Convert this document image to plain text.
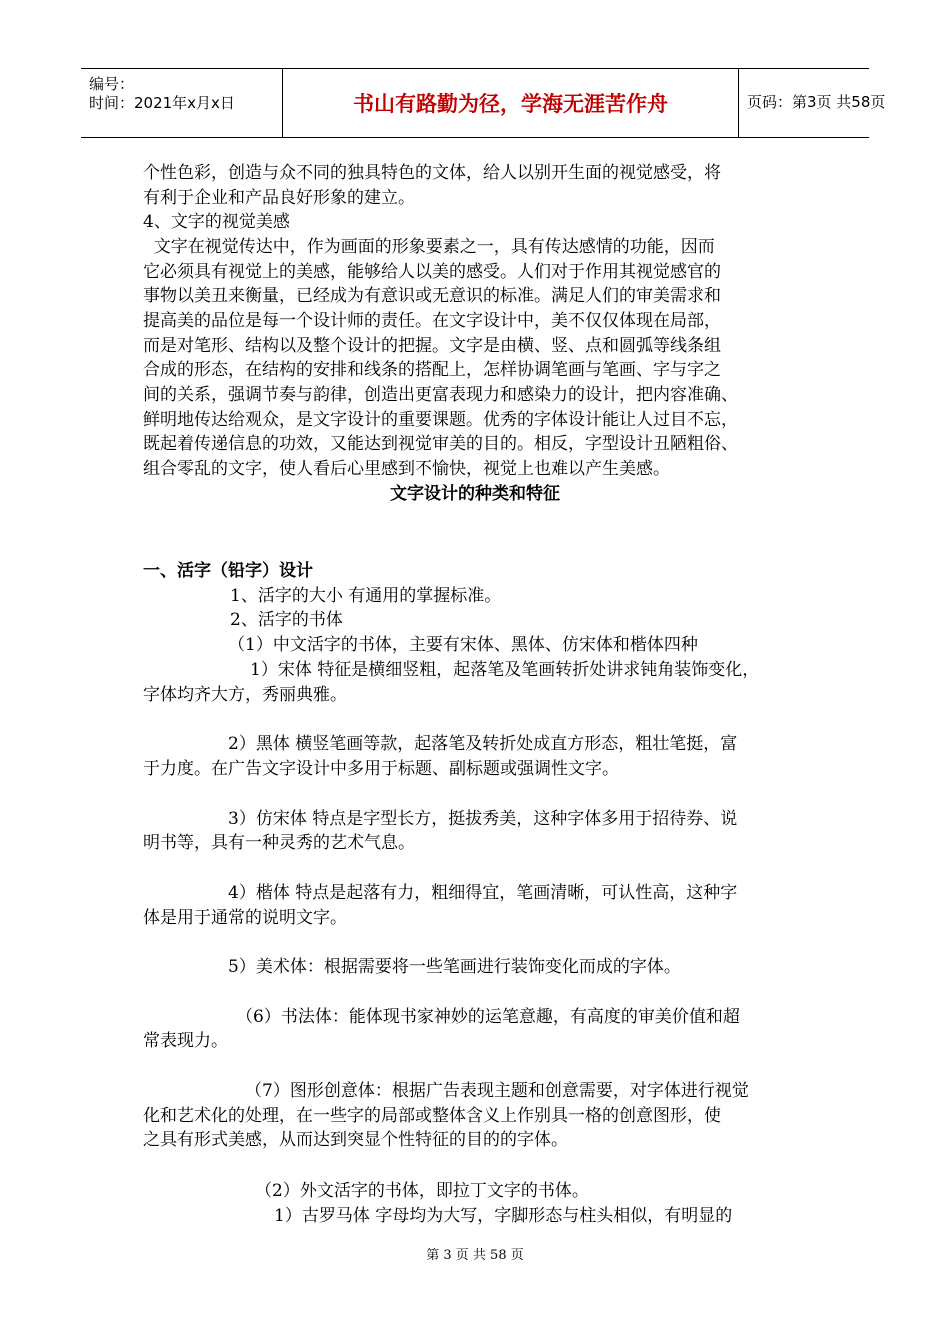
编号：
时间：2021年x月x日	书山有路勤为径，学海无涯苦作舟	页码：第3页 共58页
个性色彩，创造与众不同的独具特色的文体，给人以别开生面的视觉感受，将
有利于企业和产品良好形象的建立。
4、文字的视觉美感
文字在视觉传达中，作为画面的形象要素之一，具有传达感情的功能，因而
它必须具有视觉上的美感，能够给人以美的感受。人们对于作用其视觉感官的
事物以美丑来衡量，已经成为有意识或无意识的标准。满足人们的审美需求和
提高美的品位是每一个设计师的责任。在文字设计中，美不仅仅体现在局部，
而是对笔形、结构以及整个设计的把握。文字是由横、竖、点和圆弧等线条组
合成的形态，在结构的安排和线条的搭配上，怎样协调笔画与笔画、字与字之
间的关系，强调节奏与韵律，创造出更富表现力和感染力的设计，把内容准确、
鲜明地传达给观众，是文字设计的重要课题。优秀的字体设计能让人过目不忘，
既起着传递信息的功效，又能达到视觉审美的目的。相反，字型设计丑陋粗俗、
组合零乱的文字，使人看后心里感到不愉快，视觉上也难以产生美感。
文字设计的种类和特征
一、活字（铅字）设计
1、活字的大小 有通用的掌握标准。
2、活字的书体
（1）中文活字的书体，主要有宋体、黑体、仿宋体和楷体四种
1）宋体 特征是横细竖粗，起落笔及笔画转折处讲求钝角装饰变化，
字体均齐大方，秀丽典雅。
2）黑体 横竖笔画等款，起落笔及转折处成直方形态，粗壮笔挺，富
于力度。在广告文字设计中多用于标题、副标题或强调性文字。
3）仿宋体 特点是字型长方，挺拔秀美，这种字体多用于招待券、说
明书等，具有一种灵秀的艺术气息。
4）楷体 特点是起落有力，粗细得宜，笔画清晰，可认性高，这种字
体是用于通常的说明文字。
5）美术体：根据需要将一些笔画进行装饰变化而成的字体。
（6）书法体：能体现书家神妙的运笔意趣，有高度的审美价值和超
常表现力。
（7）图形创意体：根据广告表现主题和创意需要，对字体进行视觉
化和艺术化的处理，在一些字的局部或整体含义上作别具一格的创意图形，使
之具有形式美感，从而达到突显个性特征的目的的字体。
（2）外文活字的书体，即拉丁文字的书体。
1）古罗马体 字母均为大写，字脚形态与柱头相似，有明显的
第 3 页 共 58 页
